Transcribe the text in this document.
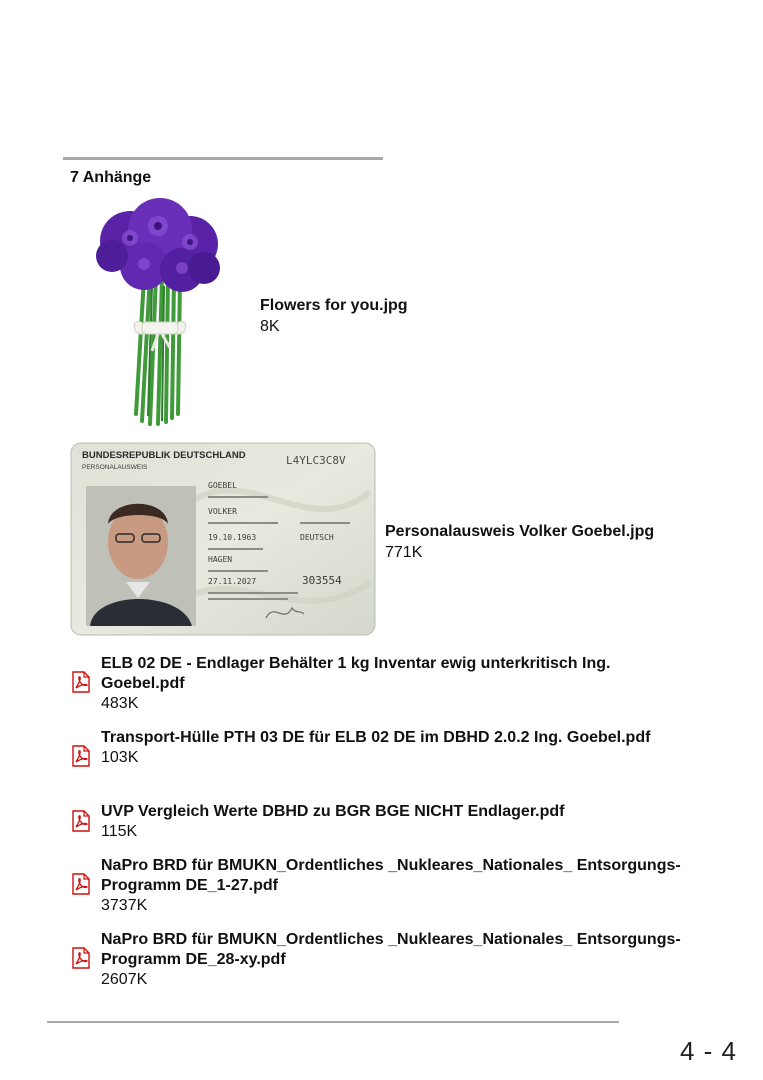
7 Anhänge
Flowers for you.jpg
8K
BUNDESREPUBLIK DEUTSCHLAND
PERSONALAUSWEIS
L4YLC3C8V
GOEBEL
VOLKER
19.10.1963	DEUTSCH
HAGEN
27.11.2027	303554
Personalausweis Volker Goebel.jpg
771K
ELB 02 DE - Endlager Behälter 1 kg Inventar ewig unterkritisch Ing. Goebel.pdf
483K
Transport-Hülle PTH 03 DE für ELB 02 DE im DBHD 2.0.2 Ing. Goebel.pdf
103K
UVP Vergleich Werte DBHD zu BGR BGE NICHT Endlager.pdf
115K
NaPro BRD für BMUKN_Ordentliches _Nukleares_Nationales_ Entsorgungs-Programm DE_1-27.pdf
3737K
NaPro BRD für BMUKN_Ordentliches _Nukleares_Nationales_ Entsorgungs-Programm DE_28-xy.pdf
2607K
4 - 4
